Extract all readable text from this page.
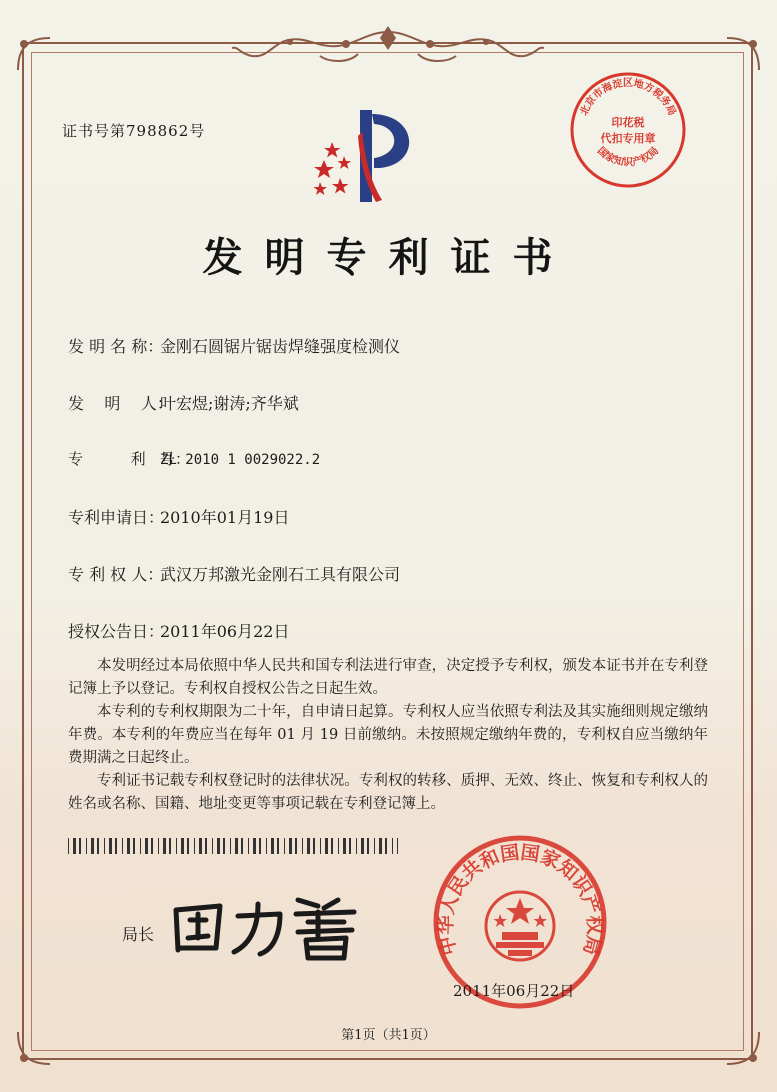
证书号第798862号
北京市海淀区地方税务局
印花税
代扣专用章
国家知识产权局
发明专利证书
发 明 名 称：金刚石圆锯片锯齿焊缝强度检测仪
发    明    人：叶宏煜;谢涛;齐华斌
专          利   号：ZL 2010 1 0029022.2
专利申请日：2010年01月19日
专 利 权 人：武汉万邦激光金刚石工具有限公司
授权公告日：2011年06月22日

本发明经过本局依照中华人民共和国专利法进行审查，决定授予专利权，颁发本证书并在专利登记簿上予以登记。专利权自授权公告之日起生效。

本专利的专利权期限为二十年，自申请日起算。专利权人应当依照专利法及其实施细则规定缴纳年费。本专利的年费应当在每年 01 月 19 日前缴纳。未按照规定缴纳年费的，专利权自应当缴纳年费期满之日起终止。

专利证书记载专利权登记时的法律状况。专利权的转移、质押、无效、终止、恢复和专利权人的姓名或名称、国籍、地址变更等事项记载在专利登记簿上。

局长	中华人民共和国国家知识产权局
2011年06月22日
第1页（共1页）
